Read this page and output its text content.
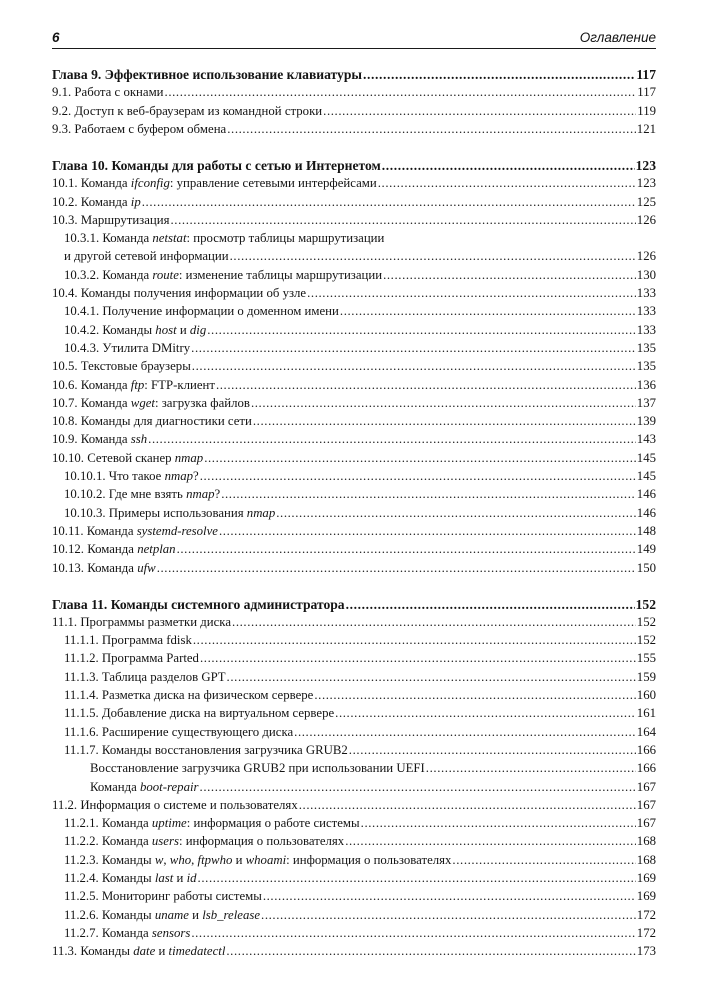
6	Оглавление
Глава 9. Эффективное использование клавиатуры .....	117
9.1. Работа с окнами .....	117
9.2. Доступ к веб-браузерам из командной строки .....	119
9.3. Работаем с буфером обмена .....	121
Глава 10. Команды для работы с сетью и Интернетом .....	123
10.1. Команда ifconfig: управление сетевыми интерфейсами .....	123
10.2. Команда ip .....	125
10.3. Маршрутизация .....	126
10.3.1. Команда netstat: просмотр таблицы маршрутизации
и другой сетевой информации .....	126
10.3.2. Команда route: изменение таблицы маршрутизации .....	130
10.4. Команды получения информации об узле .....	133
10.4.1. Получение информации о доменном имени .....	133
10.4.2. Команды host и dig .....	133
10.4.3. Утилита DMitry .....	135
10.5. Текстовые браузеры .....	135
10.6. Команда ftp: FTP-клиент .....	136
10.7. Команда wget: загрузка файлов .....	137
10.8. Команды для диагностики сети .....	139
10.9. Команда ssh .....	143
10.10. Сетевой сканер nmap .....	145
10.10.1. Что такое nmap? .....	145
10.10.2. Где мне взять nmap? .....	146
10.10.3. Примеры использования nmap .....	146
10.11. Команда systemd-resolve .....	148
10.12. Команда netplan .....	149
10.13. Команда ufw .....	150
Глава 11. Команды системного администратора .....	152
11.1. Программы разметки диска .....	152
11.1.1. Программа fdisk .....	152
11.1.2. Программа Parted .....	155
11.1.3. Таблица разделов GPT .....	159
11.1.4. Разметка диска на физическом сервере .....	160
11.1.5. Добавление диска на виртуальном сервере .....	161
11.1.6. Расширение существующего диска .....	164
11.1.7. Команды восстановления загрузчика GRUB2 .....	166
Восстановление загрузчика GRUB2 при использовании UEFI .....	166
Команда boot-repair .....	167
11.2. Информация о системе и пользователях .....	167
11.2.1. Команда uptime: информация о работе системы .....	167
11.2.2. Команда users: информация о пользователях .....	168
11.2.3. Команды w, who, ftpwho и whoami: информация о пользователях .....	168
11.2.4. Команды last и id .....	169
11.2.5. Мониторинг работы системы .....	169
11.2.6. Команды uname и lsb_release .....	172
11.2.7. Команда sensors .....	172
11.3. Команды date и timedatectl .....	173
